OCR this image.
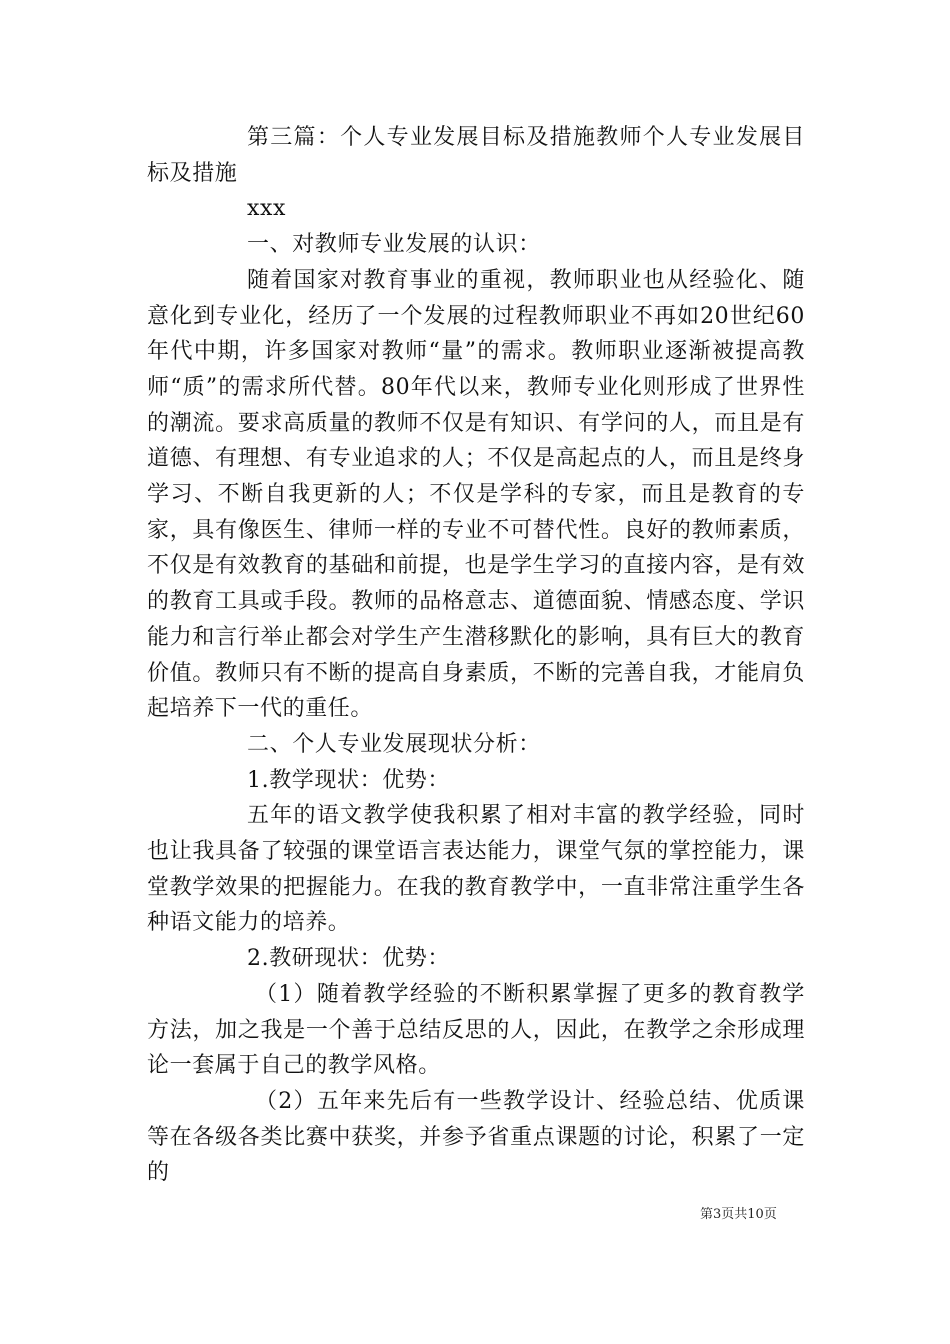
第三篇：个人专业发展目标及措施教师个人专业发展目标及措施

xxx

一、对教师专业发展的认识：

随着国家对教育事业的重视，教师职业也从经验化、随意化到专业化，经历了一个发展的过程教师职业不再如20世纪60年代中期，许多国家对教师“量”的需求。教师职业逐渐被提高教师“质”的需求所代替。80年代以来，教师专业化则形成了世界性的潮流。要求高质量的教师不仅是有知识、有学问的人，而且是有道德、有理想、有专业追求的人；不仅是高起点的人，而且是终身学习、不断自我更新的人；不仅是学科的专家，而且是教育的专家，具有像医生、律师一样的专业不可替代性。良好的教师素质，不仅是有效教育的基础和前提，也是学生学习的直接内容，是有效的教育工具或手段。教师的品格意志、道德面貌、情感态度、学识能力和言行举止都会对学生产生潜移默化的影响，具有巨大的教育价值。教师只有不断的提高自身素质，不断的完善自我，才能肩负起培养下一代的重任。

二、个人专业发展现状分析：

1.教学现状：优势：

五年的语文教学使我积累了相对丰富的教学经验，同时也让我具备了较强的课堂语言表达能力，课堂气氛的掌控能力，课堂教学效果的把握能力。在我的教育教学中，一直非常注重学生各种语文能力的培养。

2.教研现状：优势：

（1）随着教学经验的不断积累掌握了更多的教育教学方法，加之我是一个善于总结反思的人，因此，在教学之余形成理论一套属于自己的教学风格。

（2）五年来先后有一些教学设计、经验总结、优质课等在各级各类比赛中获奖，并参予省重点课题的讨论，积累了一定的

第3页共10页
